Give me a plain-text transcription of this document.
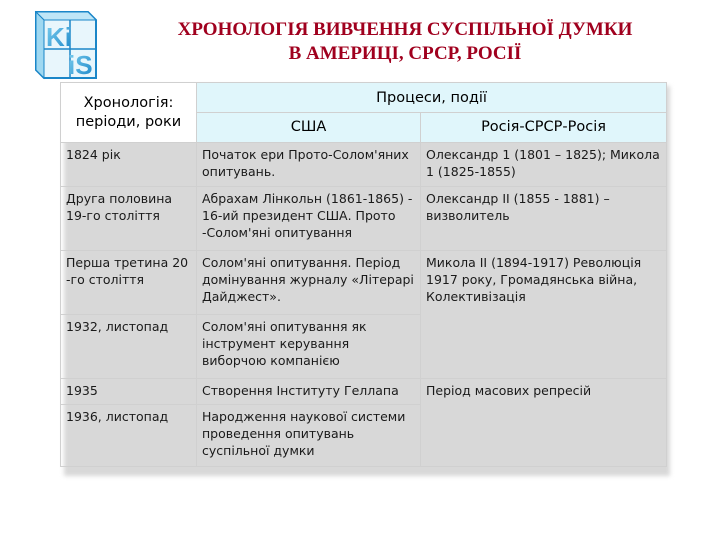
Ki
iS
ХРОНОЛОГІЯ ВИВЧЕННЯ СУСПІЛЬНОЇ ДУМКИ
В АМЕРИЦІ, СРСР, РОСІЇ
Хронологія: періоди, роки	Процеси, події	
	США	Росія-СРСР-Росія
1824 рік	Початок ери Прото-Солом'яних опитувань.	Олександр 1 (1801 – 1825); Микола 1 (1825-1855)
Друга половина 19-го століття	Абрахам Лінкольн (1861-1865) - 16-ий президент США. Прото -Солом'яні опитування	Олександр II (1855 - 1881) – визволитель
Перша третина 20 -го століття	Солом'яні опитування. Період домінування журналу «Літерарі Дайджест».	Микола II (1894-1917) Революція 1917 року, Громадянська війна, Колективізація
1932, листопад	Солом'яні опитування як інструмент керування виборчою компанією	
1935	Створення Інституту Геллапа	Період масових репресій
1936, листопад	Народження наукової системи проведення опитувань суспільної думки	
